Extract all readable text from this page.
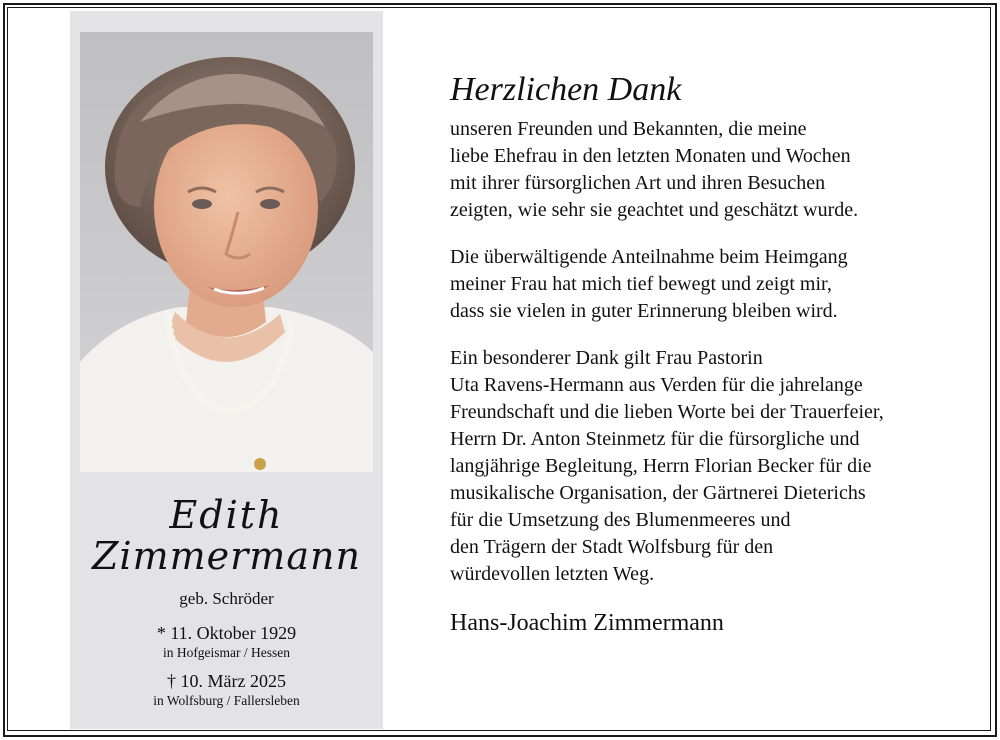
Edith
Zimmermann
geb. Schröder
* 11. Oktober 1929
in Hofgeismar / Hessen
† 10. März 2025
in Wolfsburg / Fallersleben
Herzlichen Dank
unseren Freunden und Bekannten, die meine
liebe Ehefrau in den letzten Monaten und Wochen
mit ihrer fürsorglichen Art und ihren Besuchen
zeigten, wie sehr sie geachtet und geschätzt wurde.
Die überwältigende Anteilnahme beim Heimgang
meiner Frau hat mich tief bewegt und zeigt mir,
dass sie vielen in guter Erinnerung bleiben wird.
Ein besonderer Dank gilt Frau Pastorin
Uta Ravens-Hermann aus Verden für die jahrelange
Freundschaft und die lieben Worte bei der Trauerfeier,
Herrn Dr. Anton Steinmetz für die fürsorgliche und
langjährige Begleitung, Herrn Florian Becker für die
musikalische Organisation, der Gärtnerei Dieterichs
für die Umsetzung des Blumenmeeres und
den Trägern der Stadt Wolfsburg für den
würdevollen letzten Weg.
Hans-Joachim Zimmermann
